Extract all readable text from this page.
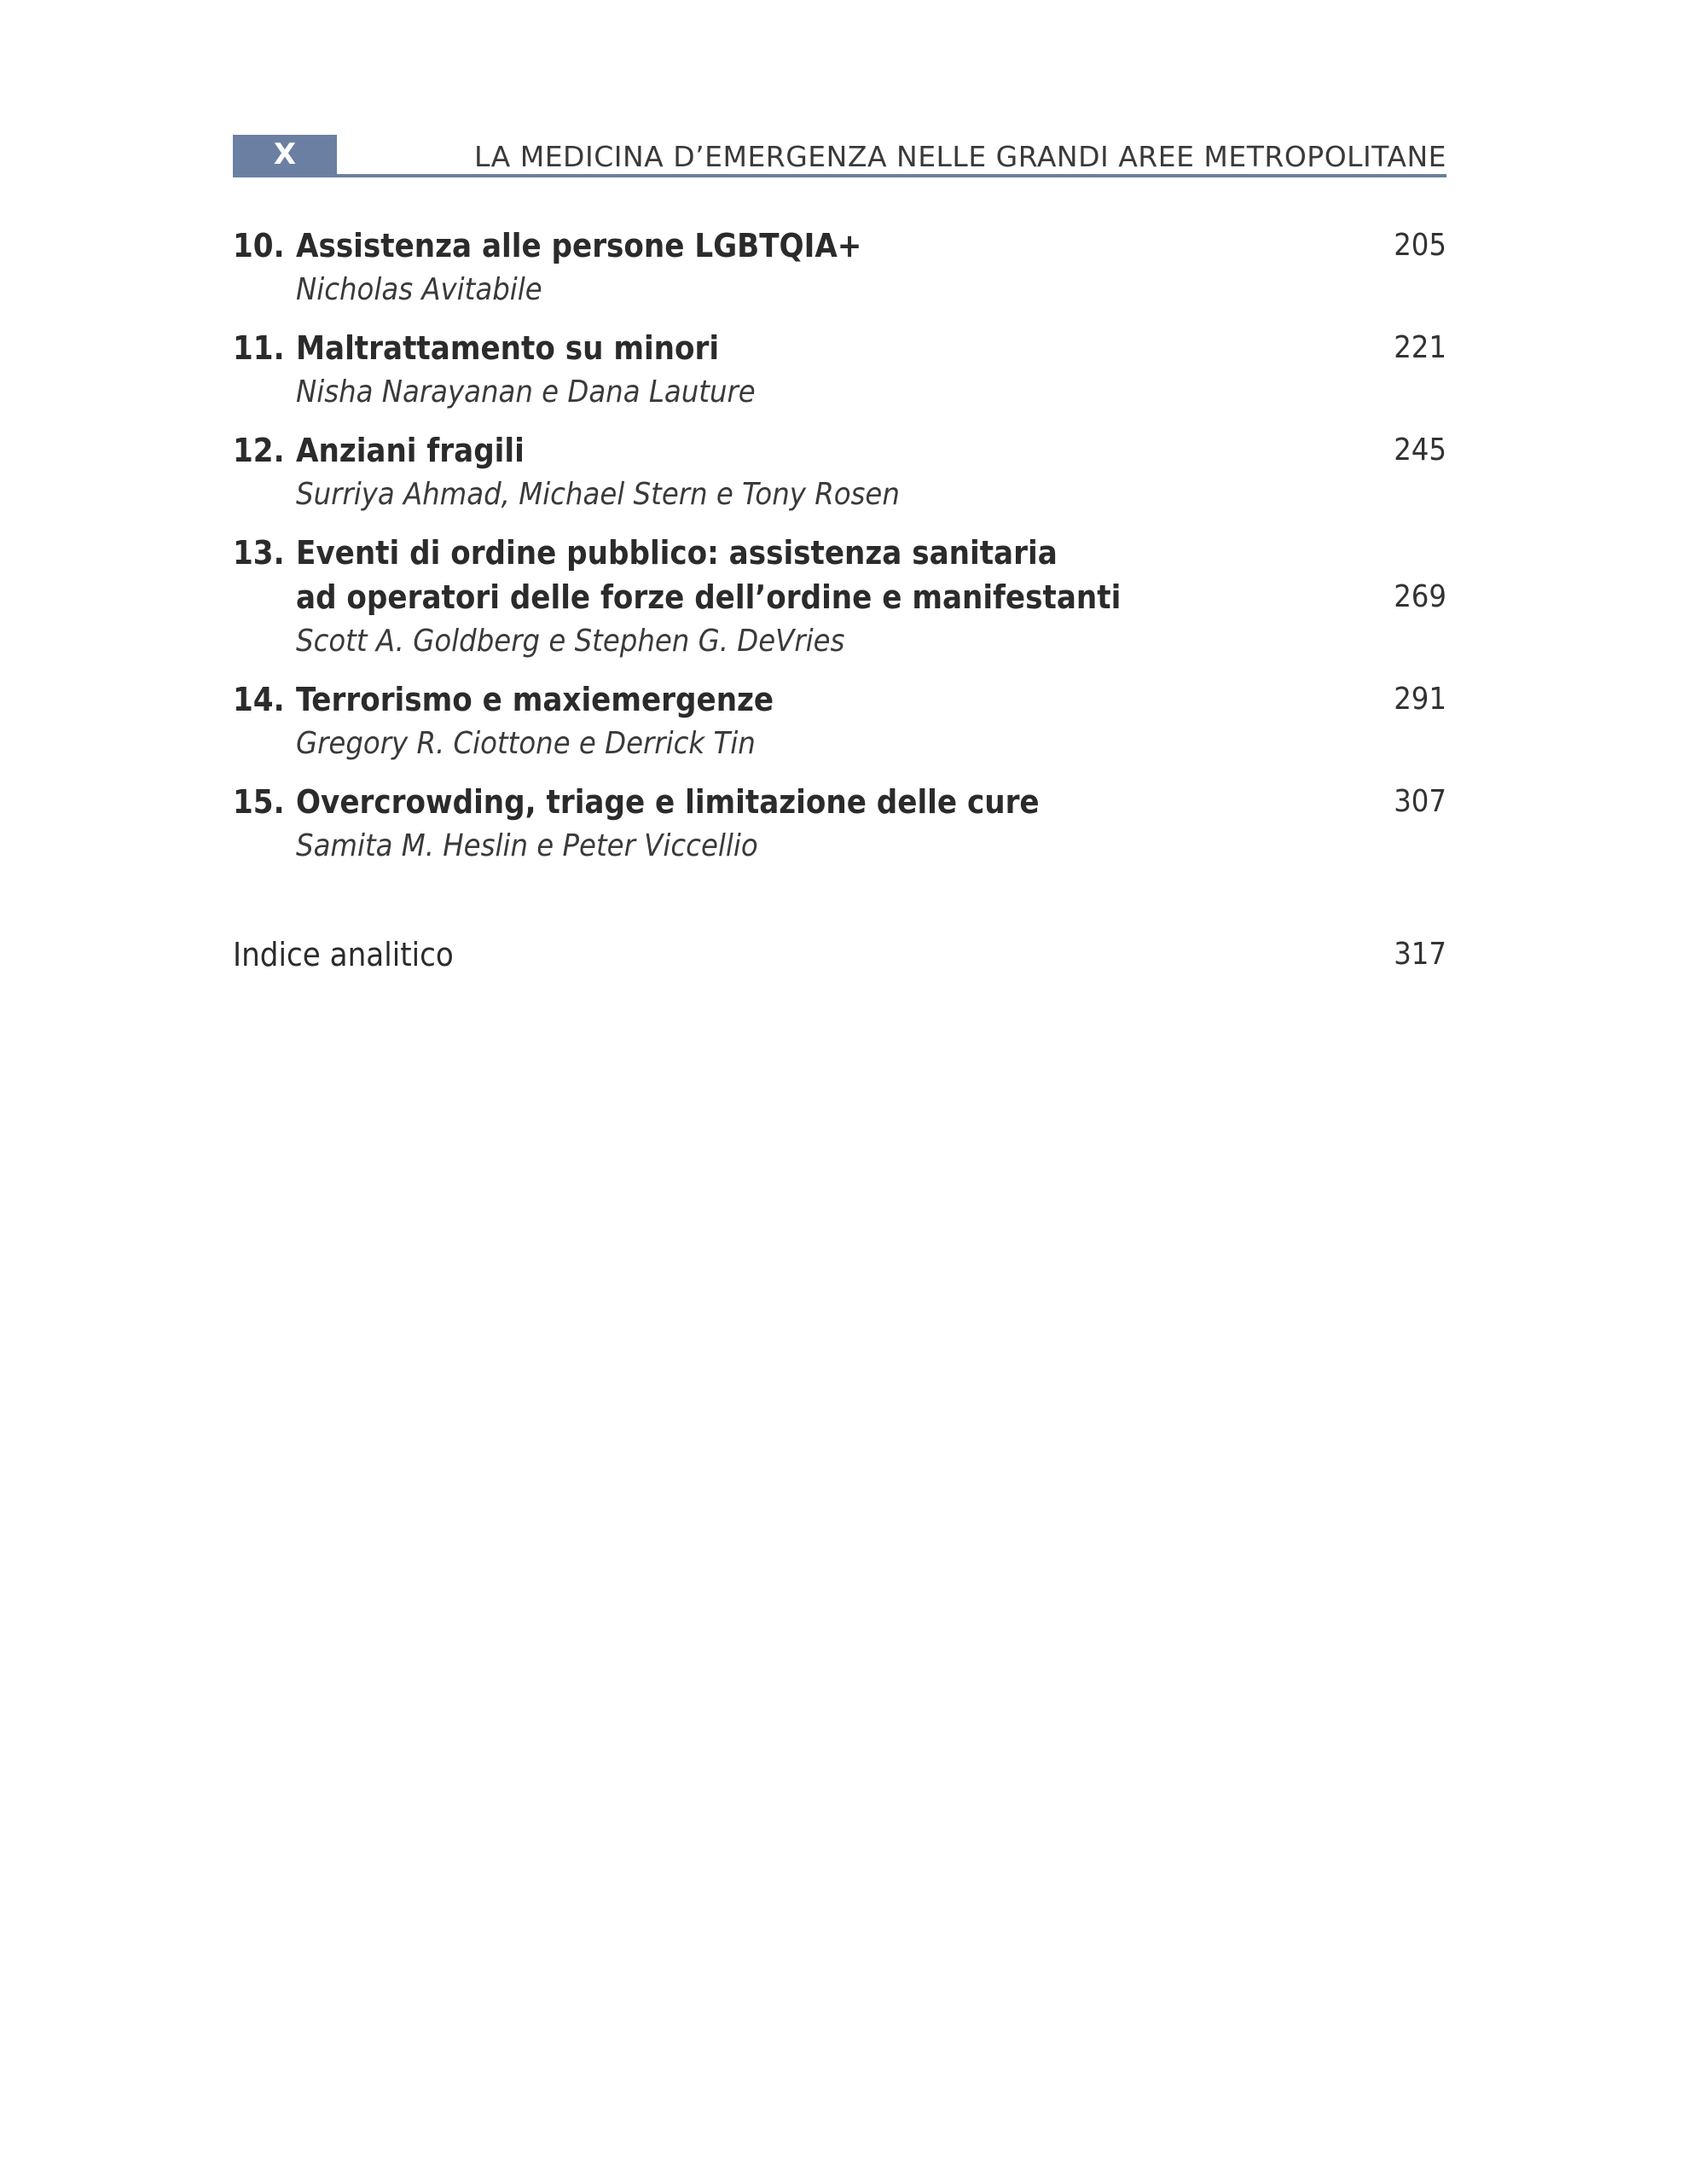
X	LA MEDICINA D’EMERGENZA NELLE GRANDI AREE METROPOLITANE
10. Assistenza alle persone LGBTQIA+	205
Nicholas Avitabile
11. Maltrattamento su minori	221
Nisha Narayanan e Dana Lauture
12. Anziani fragili	245
Surriya Ahmad, Michael Stern e Tony Rosen
13. Eventi di ordine pubblico: assistenza sanitaria
ad operatori delle forze dell’ordine e manifestanti	269
Scott A. Goldberg e Stephen G. DeVries
14. Terrorismo e maxiemergenze	291
Gregory R. Ciottone e Derrick Tin
15. Overcrowding, triage e limitazione delle cure	307
Samita M. Heslin e Peter Viccellio
Indice analitico	317
